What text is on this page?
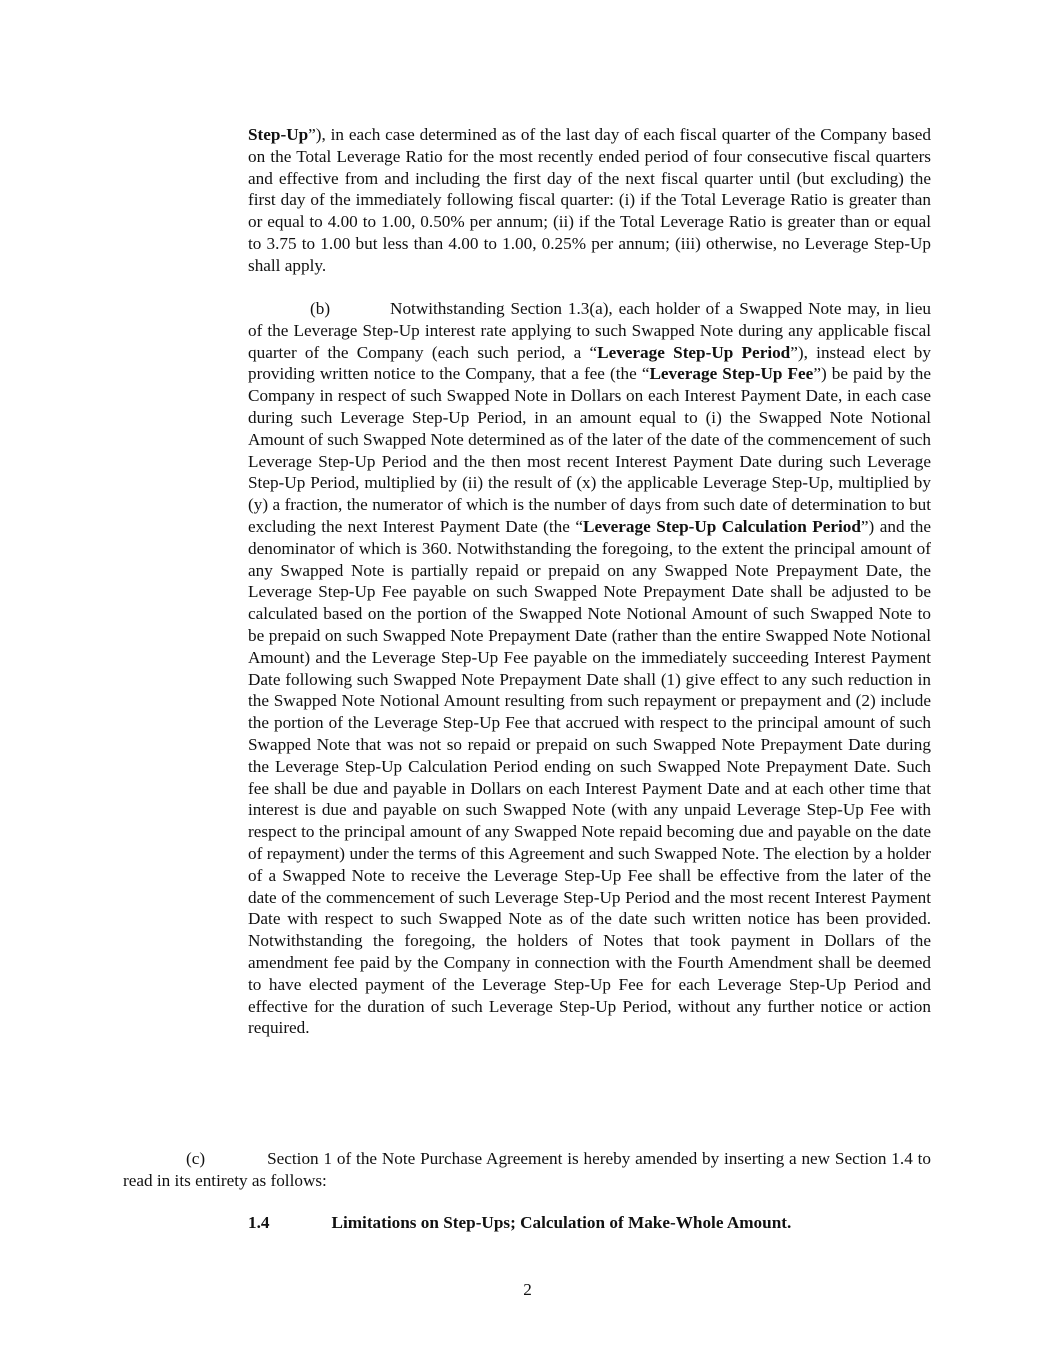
Step-Up”), in each case determined as of the last day of each fiscal quarter of the Company based on the Total Leverage Ratio for the most recently ended period of four consecutive fiscal quarters and effective from and including the first day of the next fiscal quarter until (but excluding) the first day of the immediately following fiscal quarter: (i) if the Total Leverage Ratio is greater than or equal to 4.00 to 1.00, 0.50% per annum; (ii) if the Total Leverage Ratio is greater than or equal to 3.75 to 1.00 but less than 4.00 to 1.00, 0.25% per annum; (iii) otherwise, no Leverage Step-Up shall apply.

(b)	Notwithstanding Section 1.3(a), each holder of a Swapped Note may, in lieu of the Leverage Step-Up interest rate applying to such Swapped Note during any applicable fiscal quarter of the Company (each such period, a “Leverage Step-Up Period”), instead elect by providing written notice to the Company, that a fee (the “Leverage Step-Up Fee”) be paid by the Company in respect of such Swapped Note in Dollars on each Interest Payment Date, in each case during such Leverage Step-Up Period, in an amount equal to (i) the Swapped Note Notional Amount of such Swapped Note determined as of the later of the date of the commencement of such Leverage Step-Up Period and the then most recent Interest Payment Date during such Leverage Step-Up Period, multiplied by (ii) the result of (x) the applicable Leverage Step-Up, multiplied by (y) a fraction, the numerator of which is the number of days from such date of determination to but excluding the next Interest Payment Date (the “Leverage Step-Up Calculation Period”) and the denominator of which is 360. Notwithstanding the foregoing, to the extent the principal amount of any Swapped Note is partially repaid or prepaid on any Swapped Note Prepayment Date, the Leverage Step-Up Fee payable on such Swapped Note Prepayment Date shall be adjusted to be calculated based on the portion of the Swapped Note Notional Amount of such Swapped Note to be prepaid on such Swapped Note Prepayment Date (rather than the entire Swapped Note Notional Amount) and the Leverage Step-Up Fee payable on the immediately succeeding Interest Payment Date following such Swapped Note Prepayment Date shall (1) give effect to any such reduction in the Swapped Note Notional Amount resulting from such repayment or prepayment and (2) include the portion of the Leverage Step-Up Fee that accrued with respect to the principal amount of such Swapped Note that was not so repaid or prepaid on such Swapped Note Prepayment Date during the Leverage Step-Up Calculation Period ending on such Swapped Note Prepayment Date. Such fee shall be due and payable in Dollars on each Interest Payment Date and at each other time that interest is due and payable on such Swapped Note (with any unpaid Leverage Step-Up Fee with respect to the principal amount of any Swapped Note repaid becoming due and payable on the date of repayment) under the terms of this Agreement and such Swapped Note. The election by a holder of a Swapped Note to receive the Leverage Step-Up Fee shall be effective from the later of the date of the commencement of such Leverage Step-Up Period and the most recent Interest Payment Date with respect to such Swapped Note as of the date such written notice has been provided. Notwithstanding the foregoing, the holders of Notes that took payment in Dollars of the amendment fee paid by the Company in connection with the Fourth Amendment shall be deemed to have elected payment of the Leverage Step-Up Fee for each Leverage Step-Up Period and effective for the duration of such Leverage Step-Up Period, without any further notice or action required.

(c)	Section 1 of the Note Purchase Agreement is hereby amended by inserting a new Section 1.4 to read in its entirety as follows:

1.4	Limitations on Step-Ups; Calculation of Make-Whole Amount.

2
